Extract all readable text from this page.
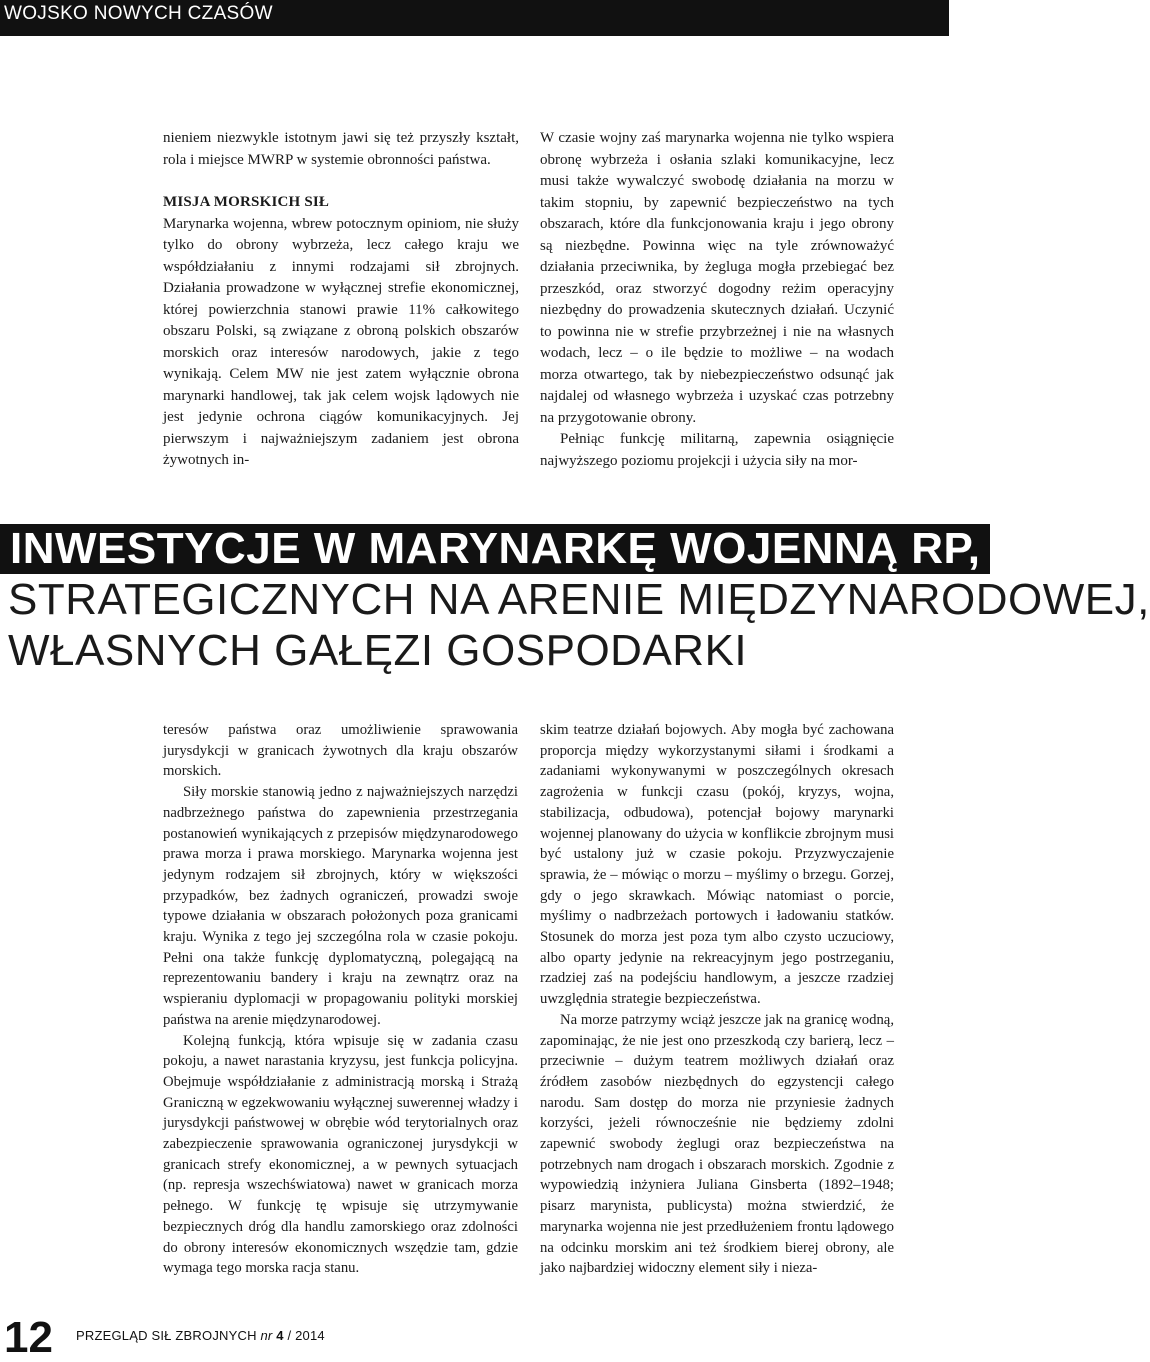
WOJSKO NOWYCH CZASÓW

nieniem niezwykle istotnym jawi się też przyszły kształt, rola i miejsce MWRP w systemie obronności państwa.

MISJA MORSKICH SIŁ

Marynarka wojenna, wbrew potocznym opiniom, nie służy tylko do obrony wybrzeża, lecz całego kraju we współdziałaniu z innymi rodzajami sił zbrojnych. Działania prowadzone w wyłącznej strefie ekonomicznej, której powierzchnia stanowi prawie 11% całkowitego obszaru Polski, są związane z obroną polskich obszarów morskich oraz interesów narodowych, jakie z tego wynikają. Celem MW nie jest zatem wyłącznie obrona marynarki handlowej, tak jak celem wojsk lądowych nie jest jedynie ochrona ciągów komunikacyjnych. Jej pierwszym i najważniejszym zadaniem jest obrona żywotnych in-

W czasie wojny zaś marynarka wojenna nie tylko wspiera obronę wybrzeża i osłania szlaki komunikacyjne, lecz musi także wywalczyć swobodę działania na morzu w takim stopniu, by zapewnić bezpieczeństwo na tych obszarach, które dla funkcjonowania kraju i jego obrony są niezbędne. Powinna więc na tyle zrównoważyć działania przeciwnika, by żegluga mogła przebiegać bez przeszkód, oraz stworzyć dogodny reżim operacyjny niezbędny do prowadzenia skutecznych działań. Uczynić to powinna nie w strefie przybrzeżnej i nie na własnych wodach, lecz – o ile będzie to możliwe – na wodach morza otwartego, tak by niebezpieczeństwo odsunąć jak najdalej od własnego wybrzeża i uzyskać czas potrzebny na przygotowanie obrony.

Pełniąc funkcję militarną, zapewnia osiągnięcie najwyższego poziomu projekcji i użycia siły na mor-

INWESTYCJE W MARYNARKĘ WOJENNĄ RP,
STRATEGICZNYCH NA ARENIE MIĘDZYNARODOWEJ,
WŁASNYCH GAŁĘZI GOSPODARKI

teresów państwa oraz umożliwienie sprawowania jurysdykcji w granicach żywotnych dla kraju obszarów morskich.

Siły morskie stanowią jedno z najważniejszych narzędzi nadbrzeżnego państwa do zapewnienia przestrzegania postanowień wynikających z przepisów międzynarodowego prawa morza i prawa morskiego. Marynarka wojenna jest jedynym rodzajem sił zbrojnych, który w większości przypadków, bez żadnych ograniczeń, prowadzi swoje typowe działania w obszarach położonych poza granicami kraju. Wynika z tego jej szczególna rola w czasie pokoju. Pełni ona także funkcję dyplomatyczną, polegającą na reprezentowaniu bandery i kraju na zewnątrz oraz na wspieraniu dyplomacji w propagowaniu polityki morskiej państwa na arenie międzynarodowej.

Kolejną funkcją, która wpisuje się w zadania czasu pokoju, a nawet narastania kryzysu, jest funkcja policyjna. Obejmuje współdziałanie z administracją morską i Strażą Graniczną w egzekwowaniu wyłącznej suwerennej władzy i jurysdykcji państwowej w obrębie wód terytorialnych oraz zabezpieczenie sprawowania ograniczonej jurysdykcji w granicach strefy ekonomicznej, a w pewnych sytuacjach (np. represja wszechświatowa) nawet w granicach morza pełnego. W funkcję tę wpisuje się utrzymywanie bezpiecznych dróg dla handlu zamorskiego oraz zdolności do obrony interesów ekonomicznych wszędzie tam, gdzie wymaga tego morska racja stanu.

skim teatrze działań bojowych. Aby mogła być zachowana proporcja między wykorzystanymi siłami i środkami a zadaniami wykonywanymi w poszczególnych okresach zagrożenia w funkcji czasu (pokój, kryzys, wojna, stabilizacja, odbudowa), potencjał bojowy marynarki wojennej planowany do użycia w konflikcie zbrojnym musi być ustalony już w czasie pokoju. Przyzwyczajenie sprawia, że – mówiąc o morzu – myślimy o brzegu. Gorzej, gdy o jego skrawkach. Mówiąc natomiast o porcie, myślimy o nadbrzeżach portowych i ładowaniu statków. Stosunek do morza jest poza tym albo czysto uczuciowy, albo oparty jedynie na rekreacyjnym jego postrzeganiu, rzadziej zaś na podejściu handlowym, a jeszcze rzadziej uwzględnia strategie bezpieczeństwa.

Na morze patrzymy wciąż jeszcze jak na granicę wodną, zapominając, że nie jest ono przeszkodą czy barierą, lecz – przeciwnie – dużym teatrem możliwych działań oraz źródłem zasobów niezbędnych do egzystencji całego narodu. Sam dostęp do morza nie przyniesie żadnych korzyści, jeżeli równocześnie nie będziemy zdolni zapewnić swobody żeglugi oraz bezpieczeństwa na potrzebnych nam drogach i obszarach morskich. Zgodnie z wypowiedzią inżyniera Juliana Ginsberta (1892–1948; pisarz marynista, publicysta) można stwierdzić, że marynarka wojenna nie jest przedłużeniem frontu lądowego na odcinku morskim ani też środkiem bierej obrony, ale jako najbardziej widoczny element siły i nieza-

12 PRZEGLĄD SIŁ ZBROJNYCH nr 4 / 2014
